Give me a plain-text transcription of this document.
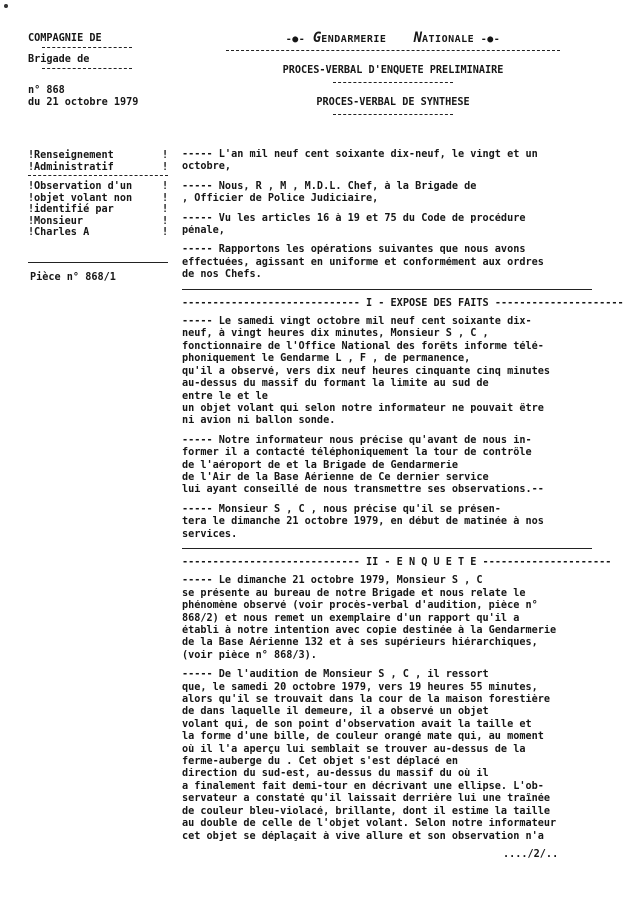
COMPAGNIE DE
Brigade de
n° 868
du 21 octobre 1979
-●- GENDARMERIE NATIONALE -●-
PROCES-VERBAL D'ENQUETE PRELIMINAIRE
PROCES-VERBAL DE SYNTHESE
! Renseignement	!
! Administratif	!
! Observation d'un	!
! objet volant non	!
! identifié par	!
! Monsieur	!
! Charles A	!
Pièce n° 868/1
----- L'an mil neuf cent soixante dix-neuf, le vingt et un
octobre,
----- Nous, R , M , M.D.L. Chef, à la Brigade de
, Officier de Police Judiciaire,
----- Vu les articles 16 à 19 et 75 du Code de procédure
pénale,
----- Rapportons les opérations suivantes que nous avons
effectuées, agissant en uniforme et conformément aux ordres
de nos Chefs.
----------------------------- I - EXPOSE DES FAITS ---------------------
----- Le samedi vingt octobre mil neuf cent soixante dix-
neuf, à vingt heures dix minutes, Monsieur S , C ,
fonctionnaire de l'Office National des forêts informe télé-
phoniquement le Gendarme L , F , de permanence,
qu'il a observé, vers dix neuf heures cinquante cinq minutes
au-dessus du massif du formant la limite au sud de
entre le et le
un objet volant qui selon notre informateur ne pouvait être
ni avion ni ballon sonde.
----- Notre informateur nous précise qu'avant de nous in-
former il a contacté téléphoniquement la tour de contrôle
de l'aéroport de et la Brigade de Gendarmerie
de l'Air de la Base Aérienne de Ce dernier service
lui ayant conseillé de nous transmettre ses observations.--
----- Monsieur S , C , nous précise qu'il se présen-
tera le dimanche 21 octobre 1979, en début de matinée à nos
services.
----------------------------- II - E N Q U E T E ---------------------
----- Le dimanche 21 octobre 1979, Monsieur S , C
se présente au bureau de notre Brigade et nous relate le
phénomène observé (voir procès-verbal d'audition, pièce n°
868/2) et nous remet un exemplaire d'un rapport qu'il a
établi à notre intention avec copie destinée à la Gendarmerie
de la Base Aérienne 132 et à ses supérieurs hiérarchiques,
(voir pièce n° 868/3).
----- De l'audition de Monsieur S , C , il ressort
que, le samedi 20 octobre 1979, vers 19 heures 55 minutes,
alors qu'il se trouvait dans la cour de la maison forestière
de dans laquelle il demeure, il a observé un objet
volant qui, de son point d'observation avait la taille et
la forme d'une bille, de couleur orangé mate qui, au moment
où il l'a aperçu lui semblait se trouver au-dessus de la
ferme-auberge du . Cet objet s'est déplacé en
direction du sud-est, au-dessus du massif du où il
a finalement fait demi-tour en décrivant une ellipse. L'ob-
servateur a constaté qu'il laissait derrière lui une traînée
de couleur bleu-violacé, brillante, dont il estime la taille
au double de celle de l'objet volant. Selon notre informateur
cet objet se déplaçait à vive allure et son observation n'a
..../2/..
